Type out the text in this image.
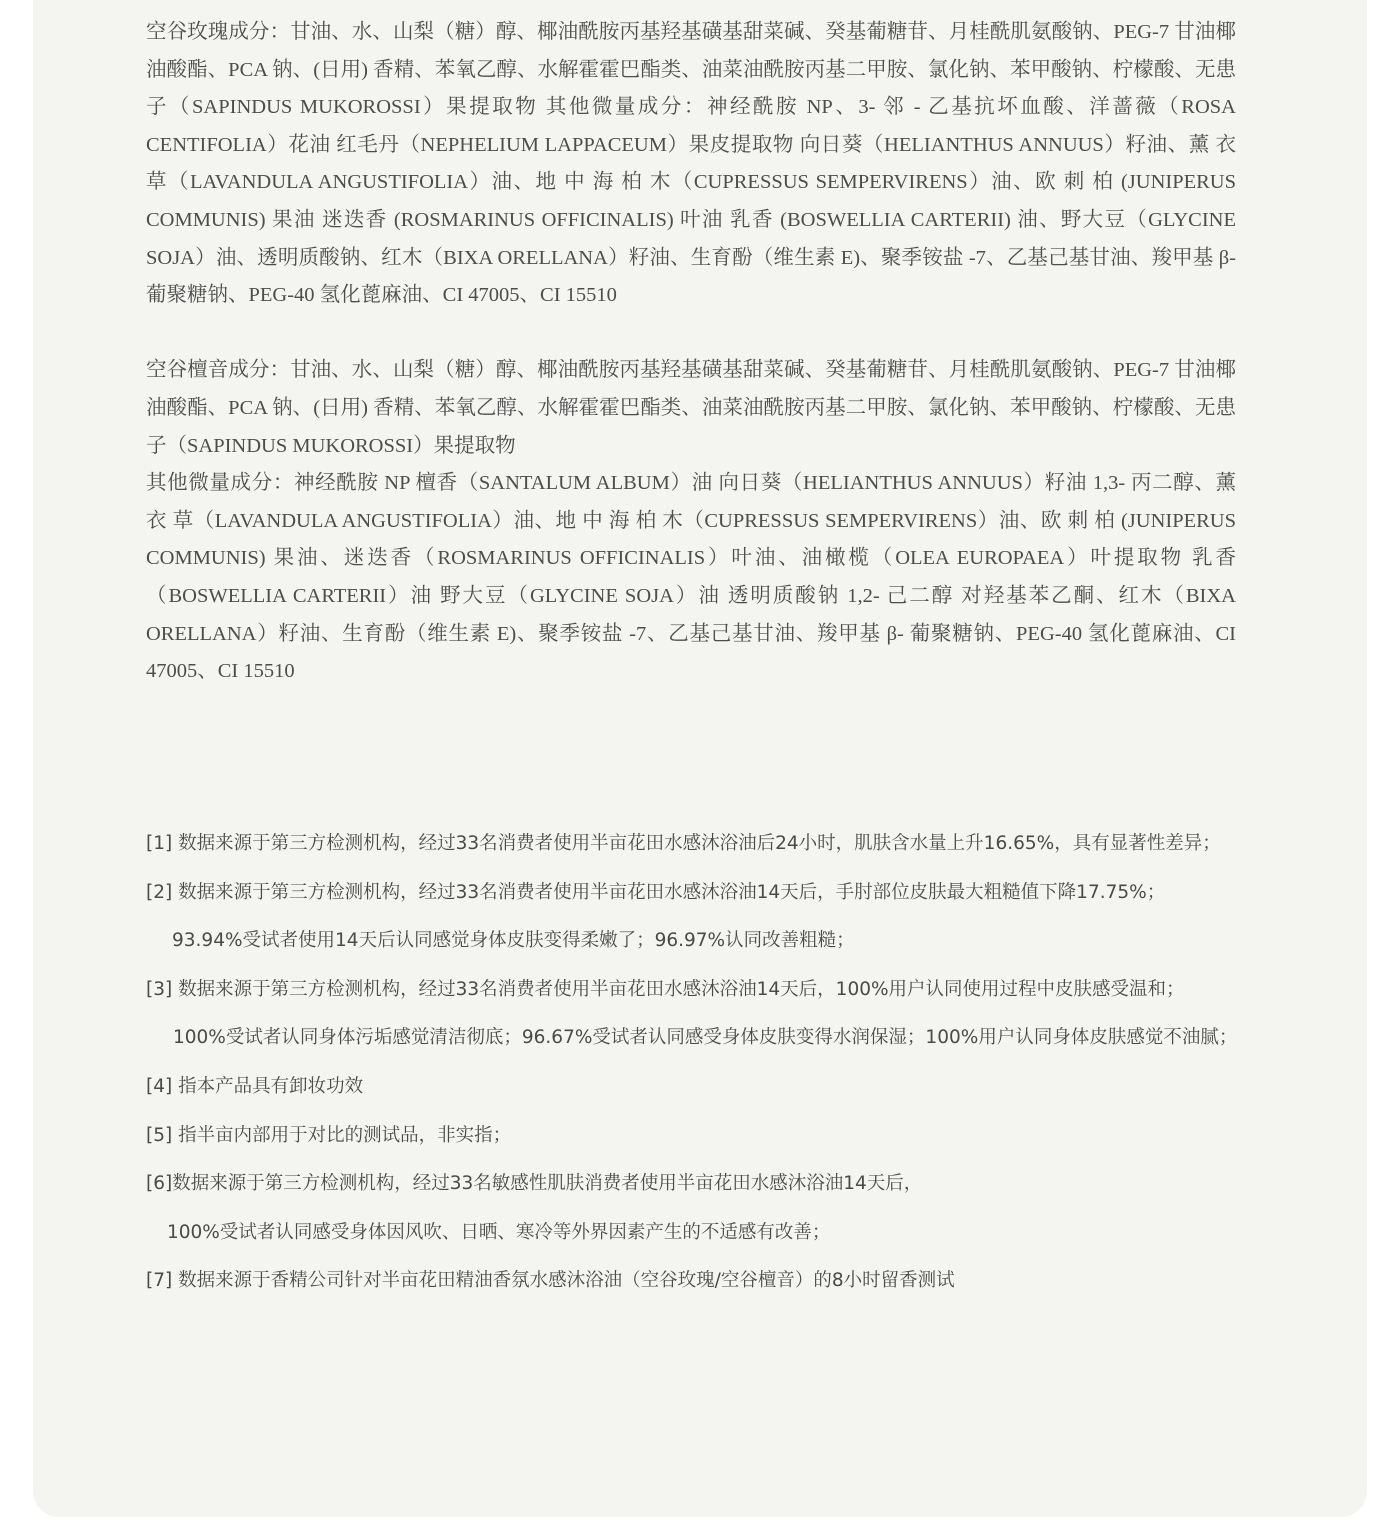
空谷玫瑰成分：甘油、水、山梨（糖）醇、椰油酰胺丙基羟基磺基甜菜碱、癸基葡糖苷、月桂酰肌氨酸钠、PEG-7 甘油椰油酸酯、PCA 钠、(日用) 香精、苯氧乙醇、水解霍霍巴酯类、油菜油酰胺丙基二甲胺、氯化钠、苯甲酸钠、柠檬酸、无患子（SAPINDUS MUKOROSSI）果提取物 其他微量成分：神经酰胺 NP、3- 邻 - 乙基抗坏血酸、洋蔷薇（ROSA CENTIFOLIA）花油 红毛丹（NEPHELIUM LAPPACEUM）果皮提取物 向日葵（HELIANTHUS ANNUUS）籽油、薰 衣 草（LAVANDULA ANGUSTIFOLIA）油、地 中 海 柏 木（CUPRESSUS SEMPERVIRENS）油、欧 刺 柏 (JUNIPERUS COMMUNIS) 果油 迷迭香 (ROSMARINUS OFFICINALIS) 叶油 乳香 (BOSWELLIA CARTERII) 油、野大豆（GLYCINE SOJA）油、透明质酸钠、红木（BIXA ORELLANA）籽油、生育酚（维生素 E)、聚季铵盐 -7、乙基己基甘油、羧甲基 β- 葡聚糖钠、PEG-40 氢化蓖麻油、CI 47005、CI 15510

空谷檀音成分：甘油、水、山梨（糖）醇、椰油酰胺丙基羟基磺基甜菜碱、癸基葡糖苷、月桂酰肌氨酸钠、PEG-7 甘油椰油酸酯、PCA 钠、(日用) 香精、苯氧乙醇、水解霍霍巴酯类、油菜油酰胺丙基二甲胺、氯化钠、苯甲酸钠、柠檬酸、无患子（SAPINDUS MUKOROSSI）果提取物

其他微量成分：神经酰胺 NP 檀香（SANTALUM ALBUM）油 向日葵（HELIANTHUS ANNUUS）籽油 1,3- 丙二醇、薰 衣 草（LAVANDULA ANGUSTIFOLIA）油、地 中 海 柏 木（CUPRESSUS SEMPERVIRENS）油、欧 刺 柏 (JUNIPERUS COMMUNIS) 果油、迷迭香（ROSMARINUS OFFICINALIS）叶油、油橄榄（OLEA EUROPAEA）叶提取物 乳香（BOSWELLIA CARTERII）油 野大豆（GLYCINE SOJA）油 透明质酸钠 1,2- 己二醇 对羟基苯乙酮、红木（BIXA ORELLANA）籽油、生育酚（维生素 E)、聚季铵盐 -7、乙基己基甘油、羧甲基 β- 葡聚糖钠、PEG-40 氢化蓖麻油、CI 47005、CI 15510

[1] 数据来源于第三方检测机构，经过33名消费者使用半亩花田水感沐浴油后24小时，肌肤含水量上升16.65%，具有显著性差异；
[2] 数据来源于第三方检测机构，经过33名消费者使用半亩花田水感沐浴油14天后，手肘部位皮肤最大粗糙值下降17.75%；
93.94%受试者使用14天后认同感觉身体皮肤变得柔嫩了；96.97%认同改善粗糙；
[3] 数据来源于第三方检测机构，经过33名消费者使用半亩花田水感沐浴油14天后，100%用户认同使用过程中皮肤感受温和；
100%受试者认同身体污垢感觉清洁彻底；96.67%受试者认同感受身体皮肤变得水润保湿；100%用户认同身体皮肤感觉不油腻；
[4] 指本产品具有卸妆功效
[5] 指半亩内部用于对比的测试品，非实指；
[6]数据来源于第三方检测机构，经过33名敏感性肌肤消费者使用半亩花田水感沐浴油14天后，
100%受试者认同感受身体因风吹、日晒、寒冷等外界因素产生的不适感有改善；
[7] 数据来源于香精公司针对半亩花田精油香氛水感沐浴油（空谷玫瑰/空谷檀音）的8小时留香测试
